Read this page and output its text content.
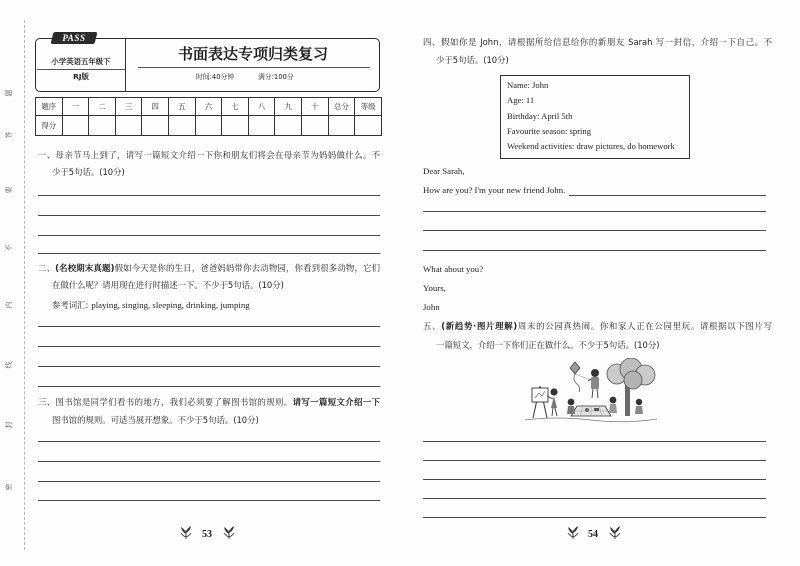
题
答
要
不
内
线
封
密
PASS
小学英语五年级下
RJ版
书面表达专项归类复习
时间:40分钟	满分:100分
题序	一	二	三	四	五	六	七	八	九	十	总分	等级
得分												
一、母亲节马上到了，请写一篇短文介绍一下你和朋友们将会在母亲节为妈妈做什么。不
少于5句话。(10分)
二、(名校期末真题)假如今天是你的生日，爸爸妈妈带你去动物园，你看到很多动物，它们
在做什么呢？请用现在进行时描述一下。不少于5句话。(10分)
参考词汇: playing, singing, sleeping, drinking, jumping
三、图书馆是同学们看书的地方，我们必须要了解图书馆的规则。请写一篇短文介绍一下
图书馆的规则。可适当展开想象。不少于5句话。(10分)
53
四、假如你是 John，请根据所给信息给你的新朋友 Sarah 写一封信，介绍一下自己。不
少于5句话。(10分)
Name: John
Age: 11
Birthday: April 5th
Favourite season: spring
Weekend activities: draw pictures, do homework
Dear Sarah,
How are you? I'm your new friend John.
What about you?
Yours,
John
五、(新趋势·图片理解)周末的公园真热闹。你和家人正在公园里玩。请根据以下图片写
一篇短文，介绍一下你们正在做什么。不少于5句话。(10分)
54
